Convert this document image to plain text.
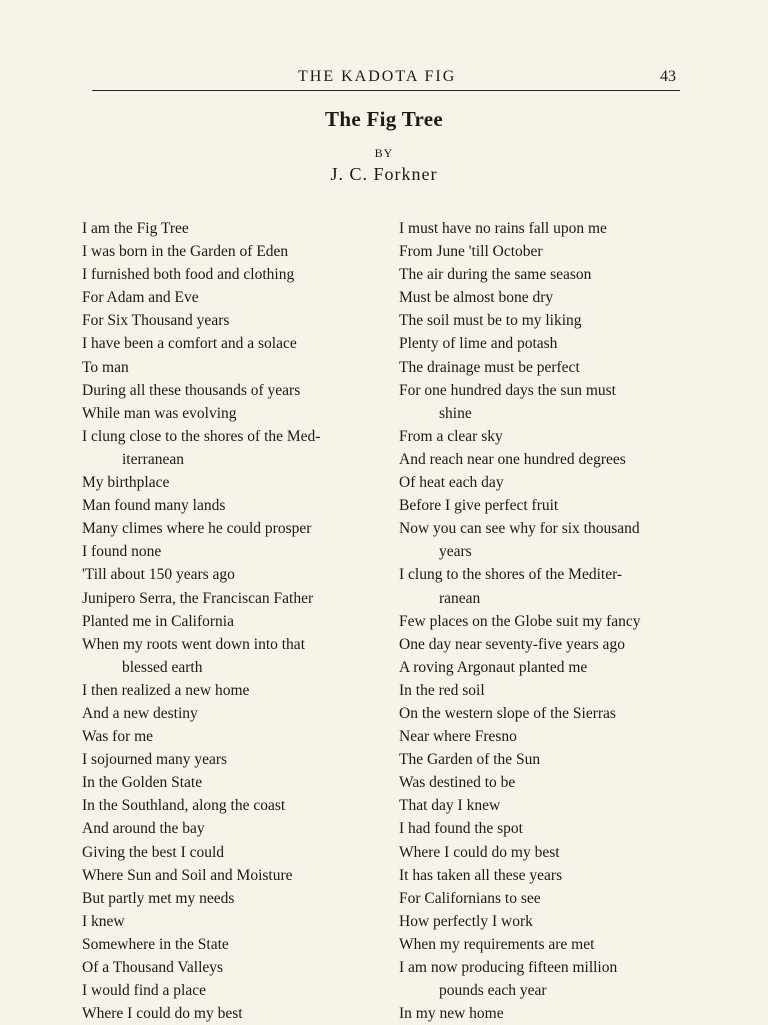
THE KADOTA FIG	43
The Fig Tree
BY
J. C. Forkner
I am the Fig Tree
I was born in the Garden of Eden
I furnished both food and clothing
For Adam and Eve
For Six Thousand years
I have been a comfort and a solace
To man
During all these thousands of years
While man was evolving
I clung close to the shores of the Med-
iterranean
My birthplace
Man found many lands
Many climes where he could prosper
I found none
'Till about 150 years ago
Junipero Serra, the Franciscan Father
Planted me in California
When my roots went down into that
blessed earth
I then realized a new home
And a new destiny
Was for me
I sojourned many years
In the Golden State
In the Southland, along the coast
And around the bay
Giving the best I could
Where Sun and Soil and Moisture
But partly met my needs
I knew
Somewhere in the State
Of a Thousand Valleys
I would find a place
Where I could do my best
I must have no rains fall upon me
From June 'till October
The air during the same season
Must be almost bone dry
The soil must be to my liking
Plenty of lime and potash
The drainage must be perfect
For one hundred days the sun must
shine
From a clear sky
And reach near one hundred degrees
Of heat each day
Before I give perfect fruit
Now you can see why for six thousand
years
I clung to the shores of the Mediter-
ranean
Few places on the Globe suit my fancy
One day near seventy-five years ago
A roving Argonaut planted me
In the red soil
On the western slope of the Sierras
Near where Fresno
The Garden of the Sun
Was destined to be
That day I knew
I had found the spot
Where I could do my best
It has taken all these years
For Californians to see
How perfectly I work
When my requirements are met
I am now producing fifteen million
pounds each year
In my new home
